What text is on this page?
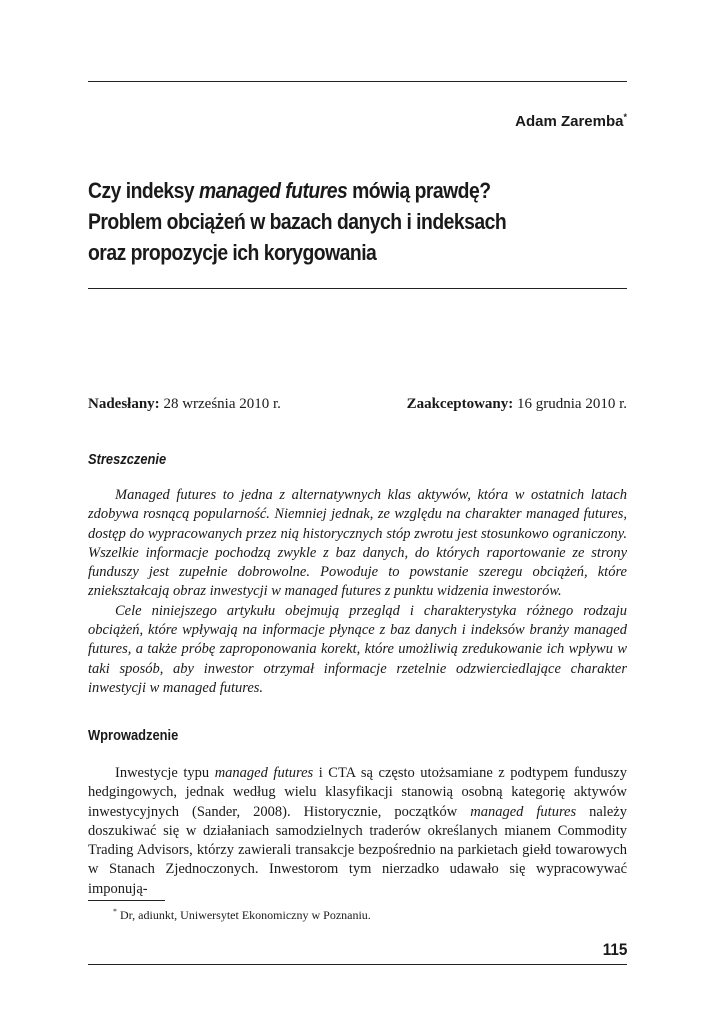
Adam Zaremba*
Czy indeksy managed futures mówią prawdę?
Problem obciążeń w bazach danych i indeksach
oraz propozycje ich korygowania
Nadesłany: 28 września 2010 r.	Zaakceptowany: 16 grudnia 2010 r.
Streszczenie
Managed futures to jedna z alternatywnych klas aktywów, która w ostatnich latach zdobywa rosnącą popularność. Niemniej jednak, ze względu na charakter managed futures, dostęp do wypracowanych przez nią historycznych stóp zwrotu jest stosunkowo ograniczony. Wszelkie informacje pochodzą zwykle z baz danych, do których raportowanie ze strony funduszy jest zupełnie dobrowolne. Powoduje to powstanie szeregu obciążeń, które zniekształcają obraz inwestycji w managed futures z punktu widzenia inwestorów.
Cele niniejszego artykułu obejmują przegląd i charakterystyka różnego rodzaju obciążeń, które wpływają na informacje płynące z baz danych i indeksów branży managed futures, a także próbę zaproponowania korekt, które umożliwią zredukowanie ich wpływu w taki sposób, aby inwestor otrzymał informacje rzetelnie odzwierciedlające charakter inwestycji w managed futures.
Wprowadzenie
Inwestycje typu managed futures i CTA są często utożsamiane z podtypem funduszy hedgingowych, jednak według wielu klasyfikacji stanowią osobną kategorię aktywów inwestycyjnych (Sander, 2008). Historycznie, początków managed futures należy doszukiwać się w działaniach samodzielnych traderów określanych mianem Commodity Trading Advisors, którzy zawierali transakcje bezpośrednio na parkietach giełd towarowych w Stanach Zjednoczonych. Inwestorom tym nierzadko udawało się wypracowywać imponują-
* Dr, adiunkt, Uniwersytet Ekonomiczny w Poznaniu.
115
